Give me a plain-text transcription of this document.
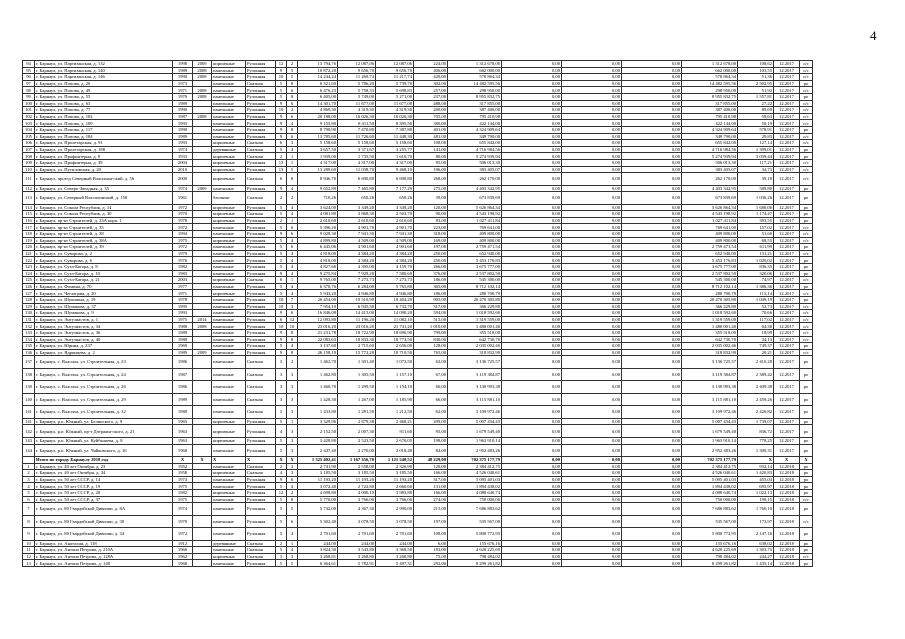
4
94	г. Барнаул, ул. Партизанская, д. 132	1998	2009	кирпичные	Рулонная	12	2	13 794,76	12 087,06	12 087,06	224,00	1 312 678,00	0,00	0,00	0,00	1 312 678,00	108,62	12.2017	о/с
95	г. Барнаул, ул. Партизанская, д. 140	1989	2008	панельные	Рулонная	9	5	10 872,20	9 656,70	9 656,70	406,00	662 000,00	0,00	0,00	0,00	662 000,00	103,55	12.2017	о/с
96	г. Барнаул, ул. Партизанская, д. 146	1990	2008	панельные	Рулонная	10	5	14 244,24	11 269,74	11 217,74	429,00	578 864,34	0,00	0,00	0,00	578 864,34	51,36	12.2017	о/с
97	г. Барнаул, ул. Попова, д. 26	1973		панельные	Скатная	5	8	6 321,60	5 786,20	5 739,70	302,00	14 482 595,56	0,00	0,00	0,00	14 482 595,56	2 502,95	12.2017	ро
98	г. Барнаул, ул. Попова, д. 49	1971	2008	панельные	Рулонная	5	6	6 476,23	5 758,33	5 698,83	257,00	298 950,00	0,00	0,00	0,00	298 950,00	51,92	12.2017	о/с
99	г. Барнаул, ул. Попова, д. 55	1970	2008	панельные	Рулонная	5	8	6 405,00	5 749,00	5 271,00	237,00	8 955 832,75	0,00	0,00	0,00	8 955 832,75	1 557,81	12.2017	ро
100	г. Барнаул, ул. Попова, д. 63	1989		панельные	Рулонная	9	6	14 301,70	11 677,00	11 677,00	488,00	317 855,00	0,00	0,00	0,00	317 855,00	27,22	12.2017	о/с
101	г. Барнаул, ул. Попова, д. 77	1990		панельные	Рулонная	10	2	4 869,30	4 319,30	4 319,30	200,00	387 406,00	0,00	0,00	0,00	387 406,00	89,69	12.2017	о/с
102	г. Барнаул, ул. Попова, д. 102	1987	2008	панельные	Рулонная	9	6	20 188,00	16 026,30	16 026,30	705,00	795 410,98	0,00	0,00	0,00	795 410,98	59,63	12.2017	о/с
103	г. Барнаул, ул. Попова, д. 109	1993		панельные	Рулонная	9	4	9 155,80	8 411,50	8 395,50	380,00	422 144,00	0,00	0,00	0,00	422 144,00	50,19	12.2017	о/с
104	г. Барнаул, ул. Попова, д. 117	1990		панельные	Рулонная	9	8	8 790,90	7 470,80	7 387,80	401,00	4 324 909,64	0,00	0,00	0,00	4 324 909,64	578,91	12.2017	ро
105	г. Барнаул, ул. Попова, д. 184	1989		панельные	Рулонная	9	6	13 785,60	11 726,60	11 448,30	481,00	349 790,00	0,00	0,00	0,00	349 790,00	29,83	12.2017	о/с
106	г. Барнаул, ул. Пролетарская, д. 91	1993		кирпичные	Скатная	6	3	5 158,60	5 158,60	5 158,60	108,00	655 842,00	0,00	0,00	0,00	655 842,00	127,14	12.2017	о/с
107	г. Барнаул, ул. Пролетарская, д. 188	1974		деревянные	Скатная	5	4	3 657,50	3 371,67	3 255,77	141,00	4 716 984,56	0,00	0,00	0,00	4 716 984,56	1 399,01	12.2017	ро
108	г. Барнаул, ул. Профинтерна, д. 8	1933		кирпичные	Скатная	2	1	1 939,00	1 735,50	1 616,70	80,00	5 274 939,94	0,00	0,00	0,00	5 274 939,94	3 039,44	12.2017	ро
109	г. Барнаул, ул. Профинтерна, д. 39	2004		кирпичные	Рулонная	13	1	4 317,00	4 317,00	4 317,00	95,00	506 013,30	0,00	0,00	0,00	506 013,30	117,21	12.2017	о/с
110	г. Барнаул, ул. Путиловская, д. 20	2010		кирпичные	Рулонная	13	5	13 289,60	11 038,70	9 468,10	196,00	383 405,07	0,00	0,00	0,00	383 405,07	34,73	12.2017	о/с
111	г. Барнаул, проезд Северный Власихин-ский, д. 56	2000		кирпичные	Скатная	6	8	8 946,70	6 690,80	6 690,80	268,00	262 170,00	0,00	0,00	0,00	262 170,00	39,18	12.2017	о/с
112	г. Барнаул, ул. Северо-Западная, д. 35	1974	2009	панельные	Рулонная	9	4	9 652,89	7 465,80	7 177,29	275,00	4 403 342,95	0,00	0,00	0,00	4 403 342,95	589,80	12.2017	ро
113	г. Барнаул, ул. Северный Власихинский, д. 150	1961		блочные	Скатная	2	2	710,26	650,26	650,26	39,00	673 839,69	0,00	0,00	0,00	673 839,69	1 036,26	12.2017	ро
114	г. Барнаул, ул. Сокола Республик, д. 14	1972		кирпичные	Рулонная	5	4	3 624,00	3 349,20	3 349,20	120,00	5 626 864,34	0,00	0,00	0,00	5 626 864,34	1 680,06	12.2017	ро
115	г. Барнаул, ул. Сокола Республик, д. 30	1970		кирпичные	Скатная	5	4	4 081,80	3 868,30	2 503,70	90,00	4 543 198,92	0,00	0,00	0,00	4 543 198,92	1 174,47	12.2017	ро
116	г. Барнаул, пр-кт Строителей, д. 23А корп. 1	1978		кирпичные	Рулонная	2	1	2 610,60	2 610,60	2 610,60	83,00	1 027 411,84	0,00	0,00	0,00	1 027 411,84	393,55	12.2017	ро
117	г. Барнаул, пр-кт Строителей, д. 35	1972		панельные	Рулонная	5	6	5 396,20	4 901,70	4 901,70	223,00	769 641,00	0,00	0,00	0,00	769 641,00	157,02	12.2017	о/с
118	г. Барнаул, пр-кт Строителей, д. 38	1994		панельные	Рулонная	9	6	9 028,30	7 941,30	7 941,30	318,00	409 800,00	0,00	0,00	0,00	409 800,00	51,60	12.2017	о/с
119	г. Барнаул, пр-кт Строителей, д. 38А	1975		кирпичные	Рулонная	5	4	4 899,80	4 509,00	4 509,00	169,00	409 800,00	0,00	0,00	0,00	409 800,00	68,55	12.2017	о/с
120	г. Барнаул, пр-кт Строителей, д. 39	1972		панельные	Рулонная	5	6	6 445,06	4 901,60	4 901,60	197,00	2 759 471,54	0,00	0,00	0,00	2 759 471,54	611,99	12.2017	ро
121	г. Барнаул, ул. Суворова, д. 2	1979		панельные	Рулонная	5	4	4 818,00	4 384,20	4 384,20	250,00	652 940,00	0,00	0,00	0,00	652 940,00	131,21	12.2017	о/с
122	г. Барнаул, ул. Суворова, д. 6	1976		панельные	Рулонная	5	4	4 818,00	4 384,20	4 384,20	250,00	5 453 176,83	0,00	0,00	0,00	5 453 176,83	1 020,02	12.2017	ро
123	г. Барнаул, ул. Сухэ-Батора, д. 8	1982		панельные	Рулонная	5	4	4 827,66	4 395,00	4 159,70	266,00	3 675 777,00	0,00	0,00	0,00	3 675 777,00	836,35	12.2017	ро
124	г. Барнаул, ул. Сухэ-Батора, д. 10	1983		панельные	Рулонная	9	4	9 275,84	7 929,20	7 580,60	376,00	2 537 802,50	0,00	0,00	0,00	2 537 802,50	320,06	12.2017	ро
125	г. Барнаул, ул. Сухэ-Батора, д. 21	2003		кирпичные	Скатная	6	1	9 765,00	7 273,73	7 273,73	186,00	545 300,00	0,00	0,00	0,00	545 300,00	74,97	12.2017	о/с
126	г. Барнаул, ул. Фомина, д. 70	1977		панельные	Рулонная	5	4	6 370,76	6 284,00	5 765,80	365,00	8 712 102,14	0,00	0,00	0,00	8 712 102,14	1 386,36	12.2017	ро
127	г. Барнаул, ул. Чеглецова, д. 20	1971		кирпичные	Рулонная	5	4	5 943,20	4 946,80	4 946,80	186,00	280 700,79	0,00	0,00	0,00	280 700,79	113,14	12.2017	о/с
128	г. Барнаул, ул. Шукшина, д. 19	1978		панельные	Рулонная	10	7	20 454,00	19 510,90	19 404,20	905,00	20 470 305,80	0,00	0,00	0,00	20 470 305,80	1 049,19	12.2017	ро
129	г. Барнаул, ул. Шумакова, д. 37	1995		панельные	Рулонная	10	3	7 954,10	6 945,30	6 732,70	317,00	366 229,80	0,00	0,00	0,00	366 229,80	52,73	12.2017	о/с
130	г. Барнаул, ул. Шумакова, д. 9	1993		панельные	Рулонная	9	6	16 846,08	14 415,00	14 090,20	594,00	1 018 592,60	0,00	0,00	0,00	1 018 592,60	70,66	12.2017	о/с
131	г. Барнаул, ул. Энтузиастов, д. 1	1975	2014	панельные	Рулонная	6	12	12 093,80	11 196,20	11 082,10	515,00	1 319 559,00	0,00	0,00	0,00	1 319 559,00	117,02	12.2017	о/с
132	г. Барнаул, ул. Энтузиастов, д. 34	1988	2008	панельные	Рулонная	10	10	23 016,20	23 016,20	21 741,20	1 010,00	1 480 001,40	0,00	0,00	0,00	1 480 001,40	64,30	12.2017	о/с
133	г. Барнаул, ул. Энтузиастов, д. 36	1989		панельные	Рулонная	9	8	21 231,78	18 722,90	18 696,90	799,00	355 518,00	0,00	0,00	0,00	355 518,00	18,99	12.2017	о/с
134	г. Барнаул, ул. Энтузиастов, д. 40	1988		панельные	Рулонная	9	8	22 083,63	18 833,30	18 773,50	830,00	642 730,70	0,00	0,00	0,00	642 730,70	34,13	12.2017	о/с
135	г. Барнаул, ул. Юрина, д. 237	1969		панельные	Рулонная	5	4	3 137,60	2 715,60	2 656,00	128,00	2 035 002,46	0,00	0,00	0,00	2 035 002,46	749,37	12.2017	ро
136	г. Барнаул, ул. Ядринцева, д. 2	1989	2009	панельные	Рулонная	9	8	26 158,10	15 772,20	10 710,50	765,00	318 832,99	0,00	0,00	0,00	318 832,99	20,21	12.2017	о/с
137	г. Барнаул, с. Власиха, ул. Строительная, д. 23	1986		панельные	Скатная	3	2	1 462,70	1 301,40	1 073,50	63,00	3 136 725,57	0,00	0,00	0,00	3 136 725,57	2 410,28	12.2017	ро
138	г. Барнаул, с. Власиха, ул. Строительная, д. 24	1987		панельные	Скатная	3	3	1 462,80	1 305,50	1 157,10	67,00	3 119 384,87	0,00	0,00	0,00	3 119 384,87	2 389,42	12.2017	ро
139	г. Барнаул, с. Власиха, ул. Строительная, д. 26	1986		панельные	Скатная	3	3	1 460,70	1 299,50	1 154,10	60,00	3 130 993,38	0,00	0,00	0,00	3 130 993,38	2 409,38	12.2017	ро
140	г. Барнаул, с. Власиха, ул. Строительная, д. 29	1989		панельные	Скатная	3	3	1 428,30	1 267,00	1 185,90	66,00	3 115 881,10	0,00	0,00	0,00	3 115 881,10	2 459,26	12.2017	ро
141	г. Барнаул, с. Власиха, ул. Строительная, д. 32	1988		панельные	Скатная	3	3	1 433,80	1 281,50	1 212,50	62,00	3 109 972,46	0,00	0,00	0,00	3 109 972,46	2 426,82	12.2017	ро
141	г. Барнаул, р.п. Южный, ул. Белинского, д. 9	1965		кирпичные	Рулонная	5	1	3 329,96	2 879,38	2 468,21	209,00	5 007 434,43	0,00	0,00	0,00	5 007 434,43	1 739,07	12.2017	ро
142	г. Барнаул, р.п. Южный, пр-т Дзержин-ского, д. 21	1963		кирпичные	Рулонная	4	3	2 152,50	2 007,30	911,60	95,00	1 679 549,40	0,00	0,00	0,00	1 679 549,40	836,72	12.2017	ро
143	г. Барнаул, р.п. Южный, ул. Куйбышева, д. 8	1963		кирпичные	Рулонная	5	3	3 428,80	2 523,50	2 676,05	198,00	1 963 910,14	0,00	0,00	0,00	1 963 910,14	778,25	12.2017	ро
144	г. Барнаул, р.п. Южный, ул. Чайковского, д. 16	1968		панельные	Рулонная	5	3	2 447,40	2 270,00	2 018,40	84,00	2 952 483,26	0,00	0,00	0,00	2 952 483,26	1 300,31	12.2017	ро
	Итого по городу Барнаулу 2018 год	X	X	X	X	X	X	1 325 402,41	1 167 356,70	1 121 540,52	48 229,00	702 375 177,79	0,00	0,00	0,00	702 375 177,79	X	X	X
1	г. Барнаул, ул. 40 лет Октября, д. 23	1952		панельные	Скатная	2	2	2 741,90	2 558,00	2 326,90	120,00	2 384 412,75	0,00	0,00	0,00	2 384 412,75	932,14	12.2018	ро
2	г. Барнаул, ул. 40 лет Октября, д. 34	1958		кирпичные	Скатная	4	3	3 185,50	3 185,50	3 185,50	166,00	4 526 040,61	0,00	0,00	0,00	4 526 040,61	1 420,83	12.2018	ро
3	г. Барнаул, ул. 50 лет СССР, д. 14	1974		панельные	Рулонная	9	6	11 193,20	11 193,20	11 193,20	317,00	5 095 401,03	0,00	0,00	0,00	5 095 401,03	455,04	12.2018	ро
4	г. Барнаул, ул. 50 лет СССР, д. 19	1975		панельные	Рулонная	5	4	3 072,40	2 722,80	2 660,60	131,00	1 894 438,02	0,00	0,00	0,00	1 894 438,02	695,97	12.2018	ро
5	г. Барнаул, ул. 50 лет СССР, д. 20	1982		кирпичные	Рулонная	12	2	4 698,80	4 000,10	3 983,80	166,00	4 088 640,74	0,00	0,00	0,00	4 088 640,74	1 022,13	12.2018	ро
6	г. Барнаул, ул. 50 лет СССР, д. 37	1975		панельные	Рулонная	5	8	5 770,00	3 766,00	3 766,00	274,00	750 000,00	0,00	0,00	0,00	750 000,00	199,15	12.2018	о/с
7	г. Барнаул, ул. 80 Гвардейской Дивизии, д. 8А	1974		панельные	Рулонная	5	5	5 742,00	4 367,30	2 990,00	215,00	7 686 883,62	0,00	0,00	0,00	7 686 883,62	1 760,10	12.2018	ро
8	г. Барнаул, ул. 80 Гвардейской Дивизии, д. 30	1970		панельные	Рулонная	5	6	5 302,40	3 078,50	3 078,50	197,00	535 567,00	0,00	0,00	0,00	535 567,00	173,97	12.2018	о/с
9	г. Барнаул, ул. 80 Гвардейской Дивизии, д. 34	1972		панельные	Рулонная	5	4	2 701,60	2 701,60	2 701,60	108,00	5 800 772,95	0,00	0,00	0,00	5 800 772,95	2 147,16	12.2018	ро
10	г. Барнаул, ул. Анатолия, д. 118	1912		деревянные	Скатная	2	1	244,00	244,00	244,00	6,00	155 676,16	0,00	0,00	0,00	155 676,16	638,02	12.2018	ро
11	г. Барнаул, ул. Антона Петрова, д. 210А	1966		панельные	Скатная	5	4	3 824,30	3 543,80	3 368,50	183,00	4 620 225,69	0,00	0,00	0,00	4 620 225,69	1 303,75	12.2018	ро
12	г. Барнаул, ул. Антона Петрова, д. 128А	1962		кирпичные	Скатная	3	3	3 268,81	3 268,80	3 268,80	75,00	798 484,02	0,00	0,00	0,00	798 484,02	244,27	12.2018	о/с
13	г. Барнаул, ул. Антона Петрова, д. 148	1968		панельные	Рулонная	5	5	6 364,61	5 782,91	5 497,31	292,00	8 299 261,82	0,00	0,00	0,00	8 299 261,82	1 435,14	12.2018	ро
